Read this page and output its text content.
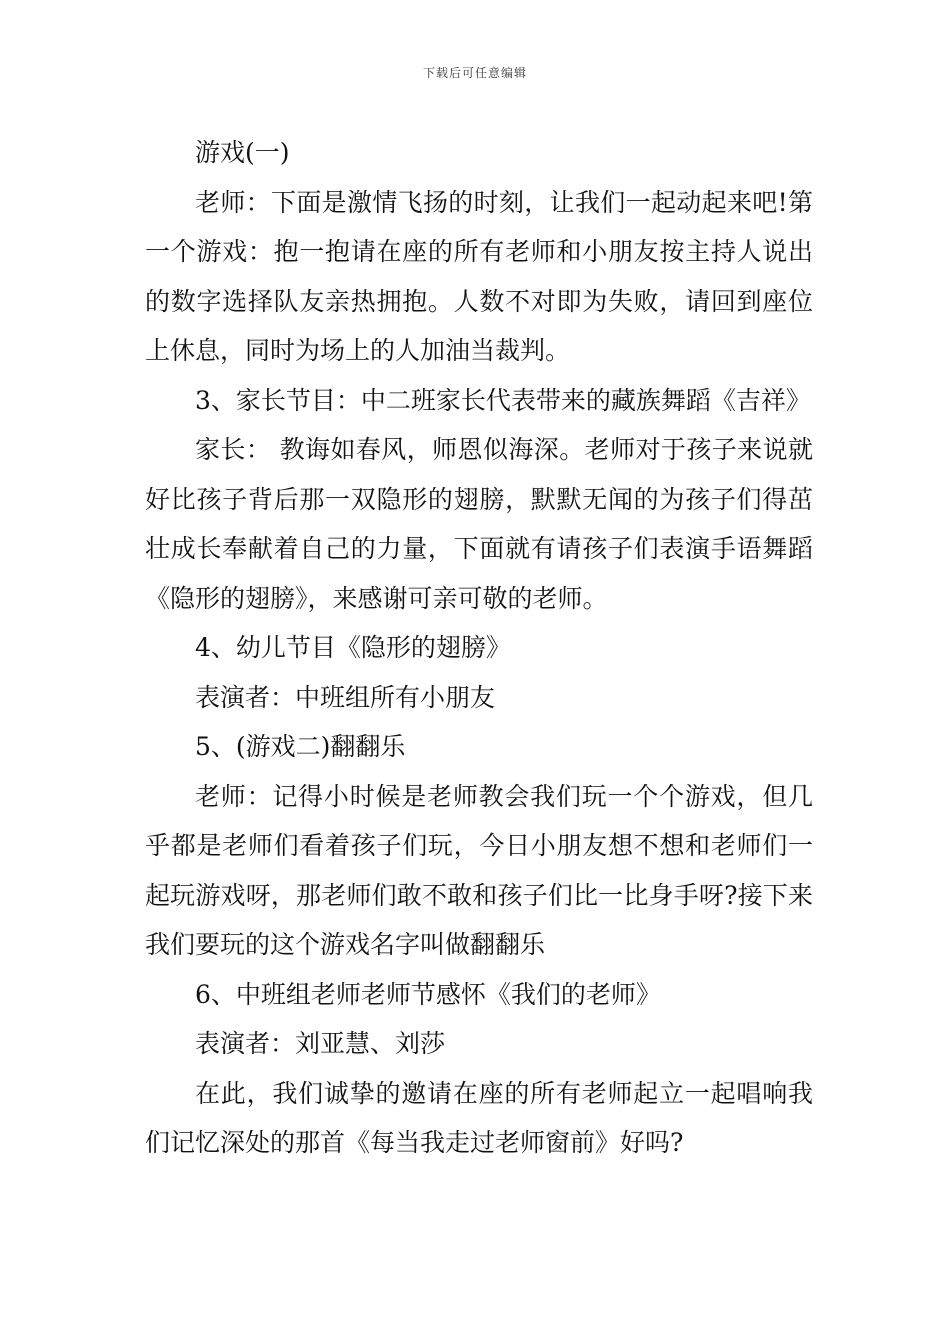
下载后可任意编辑

游戏(一)

老师：下面是激情飞扬的时刻，让我们一起动起来吧!第一个游戏：抱一抱请在座的所有老师和小朋友按主持人说出的数字选择队友亲热拥抱。人数不对即为失败，请回到座位上休息，同时为场上的人加油当裁判。

3、家长节目：中二班家长代表带来的藏族舞蹈《吉祥》

家长： 教诲如春风，师恩似海深。老师对于孩子来说就好比孩子背后那一双隐形的翅膀，默默无闻的为孩子们得茁壮成长奉献着自己的力量，下面就有请孩子们表演手语舞蹈《隐形的翅膀》，来感谢可亲可敬的老师。

4、幼儿节目《隐形的翅膀》

表演者：中班组所有小朋友

5、(游戏二)翻翻乐

老师：记得小时候是老师教会我们玩一个个游戏，但几乎都是老师们看着孩子们玩，今日小朋友想不想和老师们一起玩游戏呀，那老师们敢不敢和孩子们比一比身手呀?接下来我们要玩的这个游戏名字叫做翻翻乐

6、中班组老师老师节感怀《我们的老师》

表演者：刘亚慧、刘莎

在此，我们诚挚的邀请在座的所有老师起立一起唱响我们记忆深处的那首《每当我走过老师窗前》好吗?
